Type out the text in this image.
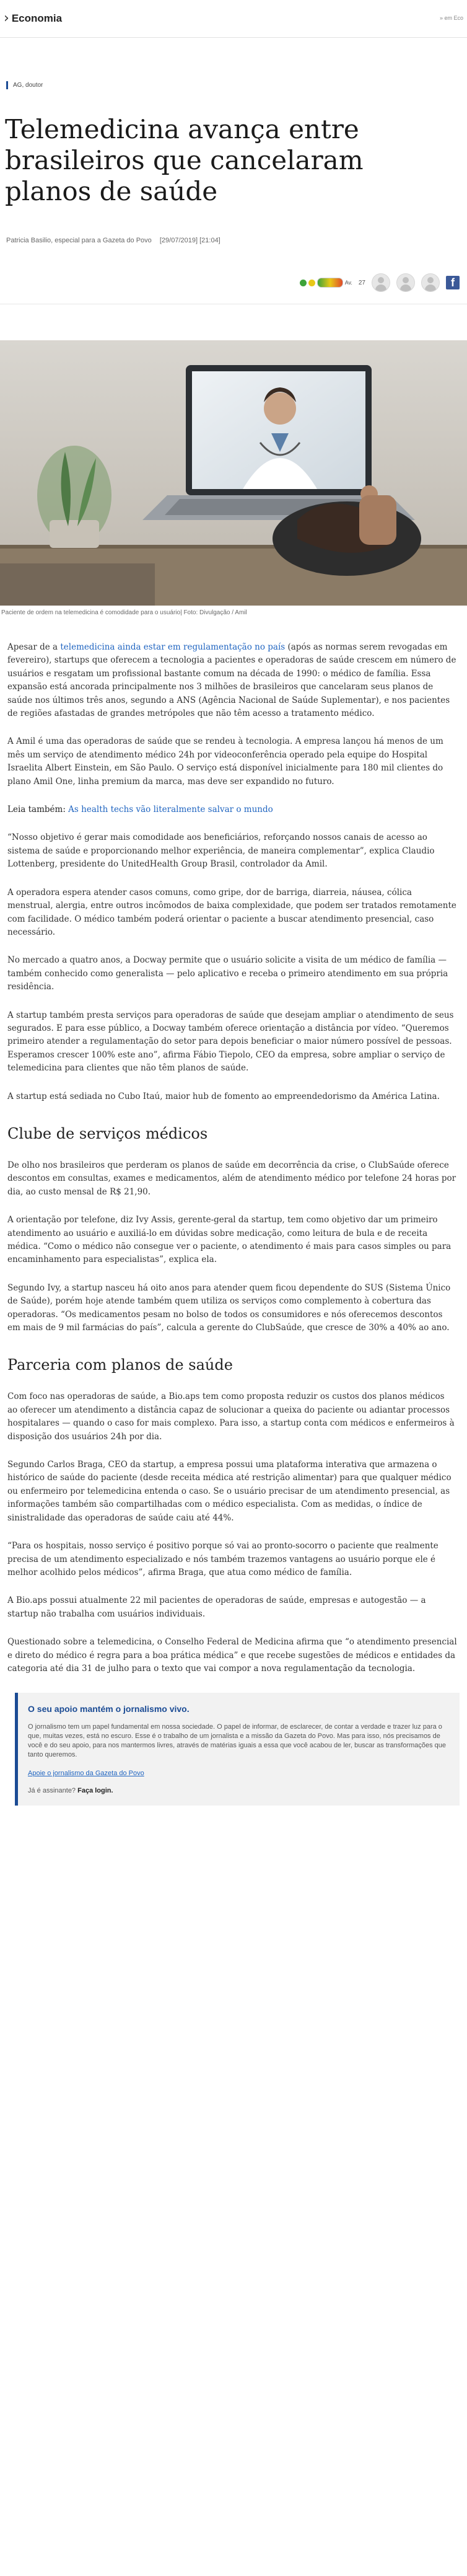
› Economia	» em Eco
AG, doutor
Telemedicina avança entre brasileiros que cancelaram planos de saúde
Patricia Basilio, especial para a Gazeta do Povo [29/07/2019] [21:04]
Av. 27	f
Paciente de ordem na telemedicina é comodidade para o usuário| Foto: Divulgação / Amil

Apesar de a telemedicina ainda estar em regulamentação no país (após as normas serem revogadas em fevereiro), startups que oferecem a tecnologia a pacientes e operadoras de saúde crescem em número de usuários e resgatam um profissional bastante comum na década de 1990: o médico de família. Essa expansão está ancorada principalmente nos 3 milhões de brasileiros que cancelaram seus planos de saúde nos últimos três anos, segundo a ANS (Agência Nacional de Saúde Suplementar), e nos pacientes de regiões afastadas de grandes metrópoles que não têm acesso a tratamento médico.

A Amil é uma das operadoras de saúde que se rendeu à tecnologia. A empresa lançou há menos de um mês um serviço de atendimento médico 24h por videoconferência operado pela equipe do Hospital Israelita Albert Einstein, em São Paulo. O serviço está disponível inicialmente para 180 mil clientes do plano Amil One, linha premium da marca, mas deve ser expandido no futuro.

Leia também: As health techs vão literalmente salvar o mundo

“Nosso objetivo é gerar mais comodidade aos beneficiários, reforçando nossos canais de acesso ao sistema de saúde e proporcionando melhor experiência, de maneira complementar”, explica Claudio Lottenberg, presidente do UnitedHealth Group Brasil, controlador da Amil.

A operadora espera atender casos comuns, como gripe, dor de barriga, diarreia, náusea, cólica menstrual, alergia, entre outros incômodos de baixa complexidade, que podem ser tratados remotamente com facilidade. O médico também poderá orientar o paciente a buscar atendimento presencial, caso necessário.

No mercado a quatro anos, a Docway permite que o usuário solicite a visita de um médico de família — também conhecido como generalista — pelo aplicativo e receba o primeiro atendimento em sua própria residência.

A startup também presta serviços para operadoras de saúde que desejam ampliar o atendimento de seus segurados. E para esse público, a Docway também oferece orientação a distância por vídeo. “Queremos primeiro atender a regulamentação do setor para depois beneficiar o maior número possível de pessoas. Esperamos crescer 100% este ano”, afirma Fábio Tiepolo, CEO da empresa, sobre ampliar o serviço de telemedicina para clientes que não têm planos de saúde.

A startup está sediada no Cubo Itaú, maior hub de fomento ao empreendedorismo da América Latina.

Clube de serviços médicos

De olho nos brasileiros que perderam os planos de saúde em decorrência da crise, o ClubSaúde oferece descontos em consultas, exames e medicamentos, além de atendimento médico por telefone 24 horas por dia, ao custo mensal de R$ 21,90.

A orientação por telefone, diz Ivy Assis, gerente-geral da startup, tem como objetivo dar um primeiro atendimento ao usuário e auxiliá-lo em dúvidas sobre medicação, como leitura de bula e de receita médica. “Como o médico não consegue ver o paciente, o atendimento é mais para casos simples ou para encaminhamento para especialistas”, explica ela.

Segundo Ivy, a startup nasceu há oito anos para atender quem ficou dependente do SUS (Sistema Único de Saúde), porém hoje atende também quem utiliza os serviços como complemento à cobertura das operadoras. “Os medicamentos pesam no bolso de todos os consumidores e nós oferecemos descontos em mais de 9 mil farmácias do país”, calcula a gerente do ClubSaúde, que cresce de 30% a 40% ao ano.

Parceria com planos de saúde

Com foco nas operadoras de saúde, a Bio.aps tem como proposta reduzir os custos dos planos médicos ao oferecer um atendimento a distância capaz de solucionar a queixa do paciente ou adiantar processos hospitalares — quando o caso for mais complexo. Para isso, a startup conta com médicos e enfermeiros à disposição dos usuários 24h por dia.

Segundo Carlos Braga, CEO da startup, a empresa possui uma plataforma interativa que armazena o histórico de saúde do paciente (desde receita médica até restrição alimentar) para que qualquer médico ou enfermeiro por telemedicina entenda o caso. Se o usuário precisar de um atendimento presencial, as informações também são compartilhadas com o médico especialista. Com as medidas, o índice de sinistralidade das operadoras de saúde caiu até 44%.

“Para os hospitais, nosso serviço é positivo porque só vai ao pronto-socorro o paciente que realmente precisa de um atendimento especializado e nós também trazemos vantagens ao usuário porque ele é melhor acolhido pelos médicos”, afirma Braga, que atua como médico de família.

A Bio.aps possui atualmente 22 mil pacientes de operadoras de saúde, empresas e autogestão — a startup não trabalha com usuários individuais.

Questionado sobre a telemedicina, o Conselho Federal de Medicina afirma que “o atendimento presencial e direto do médico é regra para a boa prática médica” e que recebe sugestões de médicos e entidades da categoria até dia 31 de julho para o texto que vai compor a nova regulamentação da tecnologia.

O seu apoio mantém o jornalismo vivo.

O jornalismo tem um papel fundamental em nossa sociedade. O papel de informar, de esclarecer, de contar a verdade e trazer luz para o que, muitas vezes, está no escuro. Esse é o trabalho de um jornalista e a missão da Gazeta do Povo. Mas para isso, nós precisamos de você e do seu apoio, para nos mantermos livres, através de matérias iguais a essa que você acabou de ler, buscar as transformações que tanto queremos.

Apoie o jornalismo da Gazeta do Povo
Já é assinante? Faça login.
